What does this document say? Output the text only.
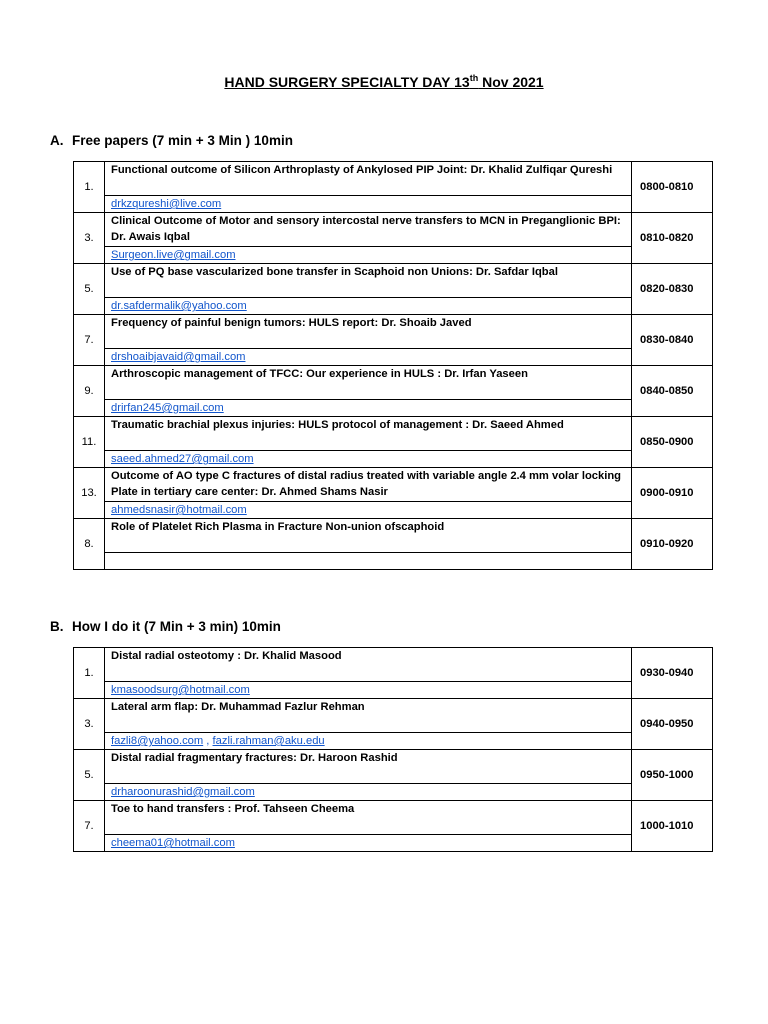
HAND SURGERY SPECIALTY DAY 13th Nov 2021
A. Free papers (7 min + 3 Min ) 10min
1.	Functional outcome of Silicon Arthroplasty of Ankylosed PIP Joint: Dr. Khalid Zulfiqar Qureshi	0800-0810
	drkzqureshi@live.com	
3.	Clinical Outcome of Motor and sensory intercostal nerve transfers to MCN in Preganglionic BPI: Dr. Awais Iqbal	0810-0820
	Surgeon.live@gmail.com	
5.	Use of PQ base vascularized bone transfer in Scaphoid non Unions: Dr. Safdar Iqbal	0820-0830
	dr.safdermalik@yahoo.com	
7.	Frequency of painful benign tumors: HULS report: Dr. Shoaib Javed	0830-0840
	drshoaibjavaid@gmail.com	
9.	Arthroscopic management of TFCC: Our experience in HULS : Dr. Irfan Yaseen	0840-0850
	drirfan245@gmail.com	
11.	Traumatic brachial plexus injuries: HULS protocol of management : Dr. Saeed Ahmed	0850-0900
	saeed.ahmed27@gmail.com	
13.	Outcome of AO type C fractures of distal radius treated with variable angle 2.4 mm volar locking Plate in tertiary care center: Dr. Ahmed Shams Nasir	0900-0910
	ahmedsnasir@hotmail.com	
8.	Role of Platelet Rich Plasma in Fracture Non-union ofscaphoid	0910-0920

B. How I do it (7 Min + 3 min) 10min
1.	Distal radial osteotomy : Dr. Khalid Masood	0930-0940
	kmasoodsurg@hotmail.com	
3.	Lateral arm flap: Dr. Muhammad Fazlur Rehman	0940-0950
	fazli8@yahoo.com , fazli.rahman@aku.edu	
5.	Distal radial fragmentary fractures: Dr. Haroon Rashid	0950-1000
	drharoonurashid@gmail.com	
7.	Toe to hand transfers : Prof. Tahseen Cheema	1000-1010
	cheema01@hotmail.com	
